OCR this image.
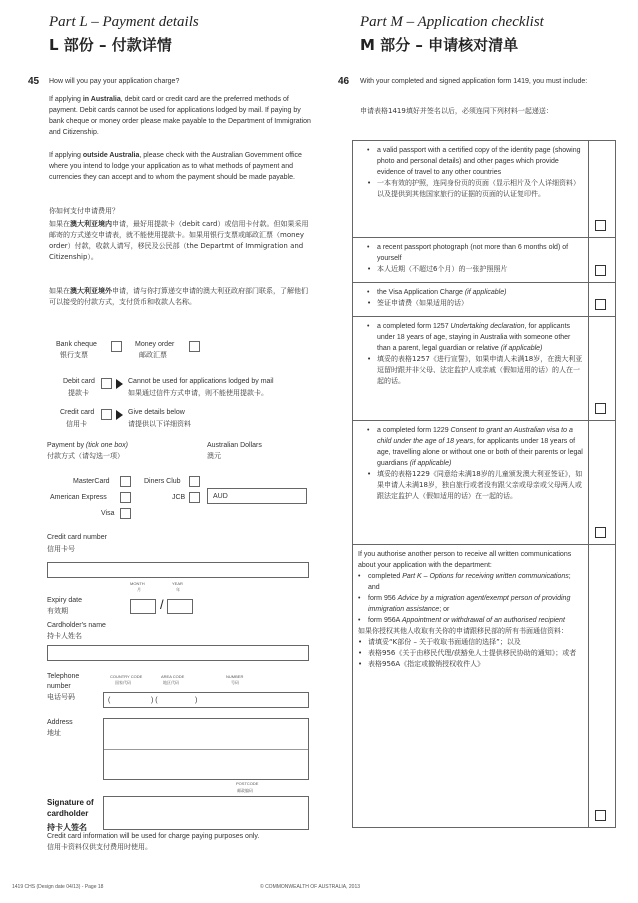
Part L – Payment details
L 部份 – 付款详情
45 How will you pay your application charge?
If applying in Australia, debit card or credit card are the preferred methods of payment. Debit cards cannot be used for applications lodged by mail. If paying by bank cheque or money order please make payable to the Department of Immigration and Citizenship.
If applying outside Australia, please check with the Australian Government office where you intend to lodge your application as to what methods of payment and currencies they can accept and to whom the payment should be made payable.
你如何支付申请费用？
如果在澳大利亚境内申请，最好用提款卡（debit card）或信用卡付款。但如果采用邮寄的方式递交申请表，就不能使用提款卡。如果用银行支票或邮政汇票（money order）付款，收款人请写，移民及公民部（the Departmt of Immigration and Citizenship）。
如果在澳大利亚境外申请，请与你打算递交申请的澳大利亚政府部门联系，了解他们可以接受的付款方式，支付货币和收款人名称。
Bank cheque
银行支票
Money order
邮政汇票
Debit card
提款卡
Cannot be used for applications lodged by mail
如果通过信件方式申请，则不能使用提款卡。
Credit card
信用卡
Give details below
请提供以下详细资料
Payment by (tick one box)
付款方式（请勾选一项）
Australian Dollars
澳元
MasterCard	Diners Club
American Express	JCB
Visa
AUD
Credit card number
信用卡号
MONTH
月
YEAR
年
Expiry date
有效期	/
Cardholder's name
持卡人姓名
Telephone
number
电话号码
COUNTRY CODE
国家代码
AREA CODE
地区代码
NUMBER
号码
(	) (	)
Address
地址
POSTCODE
邮政编码
Signature of
cardholder
持卡人签名
Credit card information will be used for charge paying purposes only.
信用卡资料仅供支付费用时使用。
Part M – Application checklist
M 部分 – 申请核对清单
46 With your completed and signed application form 1419, you must include:
申请表格1419填好并签名以后，必须连同下列材料一起递送：
• a valid passport with a certified copy of the identity page (showing photo and personal details) and other pages which provide evidence of travel to any other countries
• 一本有效的护照，连同身份页的页面（显示相片及个人详细资料）以及提供到其他国家旅行的证据的页面的认证复印件。
• a recent passport photograph (not more than 6 months old) of yourself
• 本人近期（不超过6个月）的一张护照照片
• the Visa Application Charge (if applicable)
• 签证申请费（如果适用的话）
• a completed form 1257 Undertaking declaration, for applicants under 18 years of age, staying in Australia with someone other than a parent, legal guardian or relative (if applicable)
• 填妥的表格1257《进行宣誓》，如果申请人未满18岁，在澳大利亚逗留时跟并非父母、法定监护人或亲戚（假如适用的话）的人在一起的话。
• a completed form 1229 Consent to grant an Australian visa to a child under the age of 18 years, for applicants under 18 years of age, travelling alone or without one or both of their parents or legal guardians (if applicable)
• 填妥的表格1229《同意给未满18岁的儿童颁发澳大利亚签证》，如果申请人未满18岁，独自旅行或者没有跟父亲或母亲或父母两人或跟法定监护人（假如适用的话）在一起的话。
If you authorise another person to receive all written communications about your application with the department:
• completed Part K – Options for receiving written communications; and
• form 956 Advice by a migration agent/exempt person of providing immigration assistance; or
• form 956A Appointment or withdrawal of an authorised recipient
如果你授权其他人收取有关你的申请跟移民部的所有书面通信资料：
• 请填妥“K部份 – 关于收取书面通信的选择”；以及
• 表格956《关于由移民代理/获豁免人士提供移民协助的通知》；或者
• 表格956A《指定或撤销授权收件人》
1419 CHS (Design date 04/13) - Page 18	© COMMONWEALTH OF AUSTRALIA, 2013
